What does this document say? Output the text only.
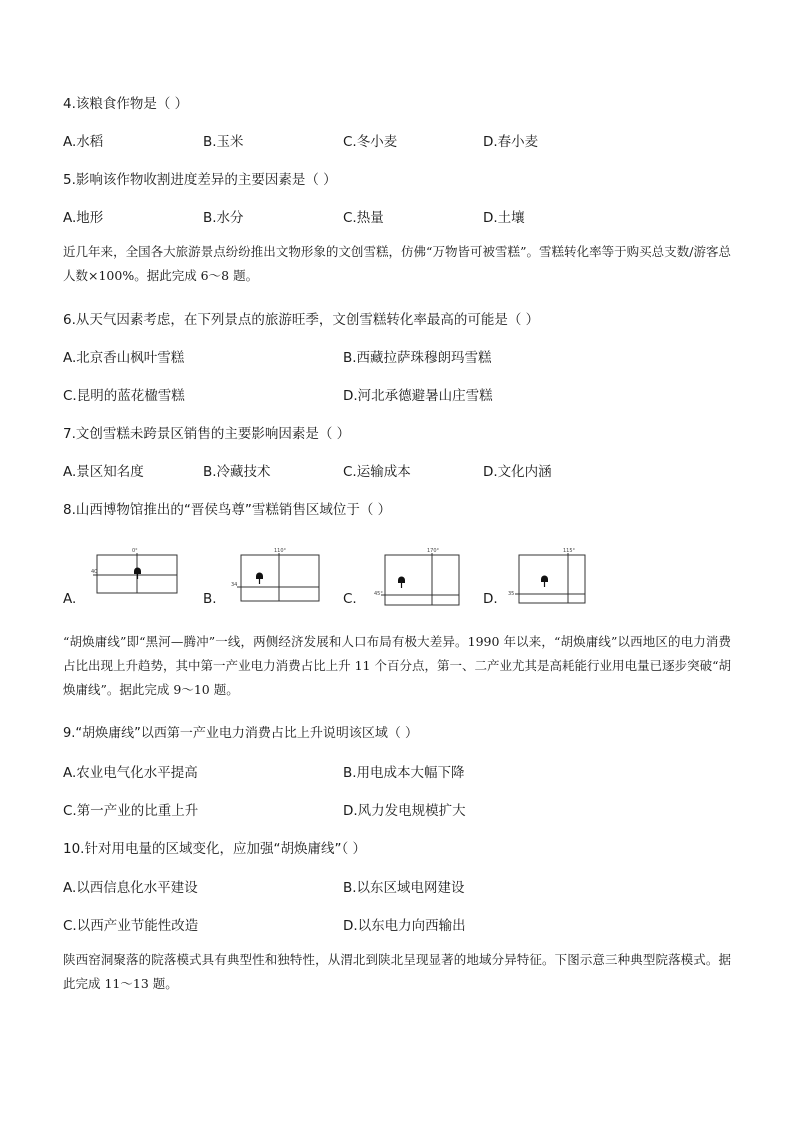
4.该粮食作物是（ ）
A.水稻	B.玉米	C.冬小麦	D.春小麦
5.影响该作物收割进度差异的主要因素是（ ）
A.地形	B.水分	C.热量	D.土壤
近几年来，全国各大旅游景点纷纷推出文物形象的文创雪糕，仿佛“万物皆可被雪糕”。雪糕转化率等于购买总支数/游客总人数×100%。据此完成 6～8 题。
6.从天气因素考虑，在下列景点的旅游旺季，文创雪糕转化率最高的可能是（ ）
A.北京香山枫叶雪糕	B.西藏拉萨珠穆朗玛雪糕
C.昆明的蓝花楹雪糕	D.河北承德避暑山庄雪糕
7.文创雪糕未跨景区销售的主要影响因素是（ ）
A.景区知名度	B.冷藏技术	C.运输成本	D.文化内涵
8.山西博物馆推出的“晋侯鸟尊”雪糕销售区域位于（ ）
A.
0°
40
B.
110°
34
C.
170°
45°	D.
115°
35
“胡焕庸线”即“黑河—腾冲”一线，两侧经济发展和人口布局有极大差异。1990 年以来，“胡焕庸线”以西地区的电力消费占比出现上升趋势，其中第一产业电力消费占比上升 11 个百分点，第一、二产业尤其是高耗能行业用电量已逐步突破“胡焕庸线”。据此完成 9～10 题。
9.“胡焕庸线”以西第一产业电力消费占比上升说明该区域（ ）
A.农业电气化水平提高	B.用电成本大幅下降
C.第一产业的比重上升	D.风力发电规模扩大
10.针对用电量的区域变化，应加强“胡焕庸线”（ ）
A.以西信息化水平建设	B.以东区域电网建设
C.以西产业节能性改造	D.以东电力向西输出
陕西窑洞聚落的院落模式具有典型性和独特性，从渭北到陕北呈现显著的地域分异特征。下图示意三种典型院落模式。据此完成 11～13 题。
